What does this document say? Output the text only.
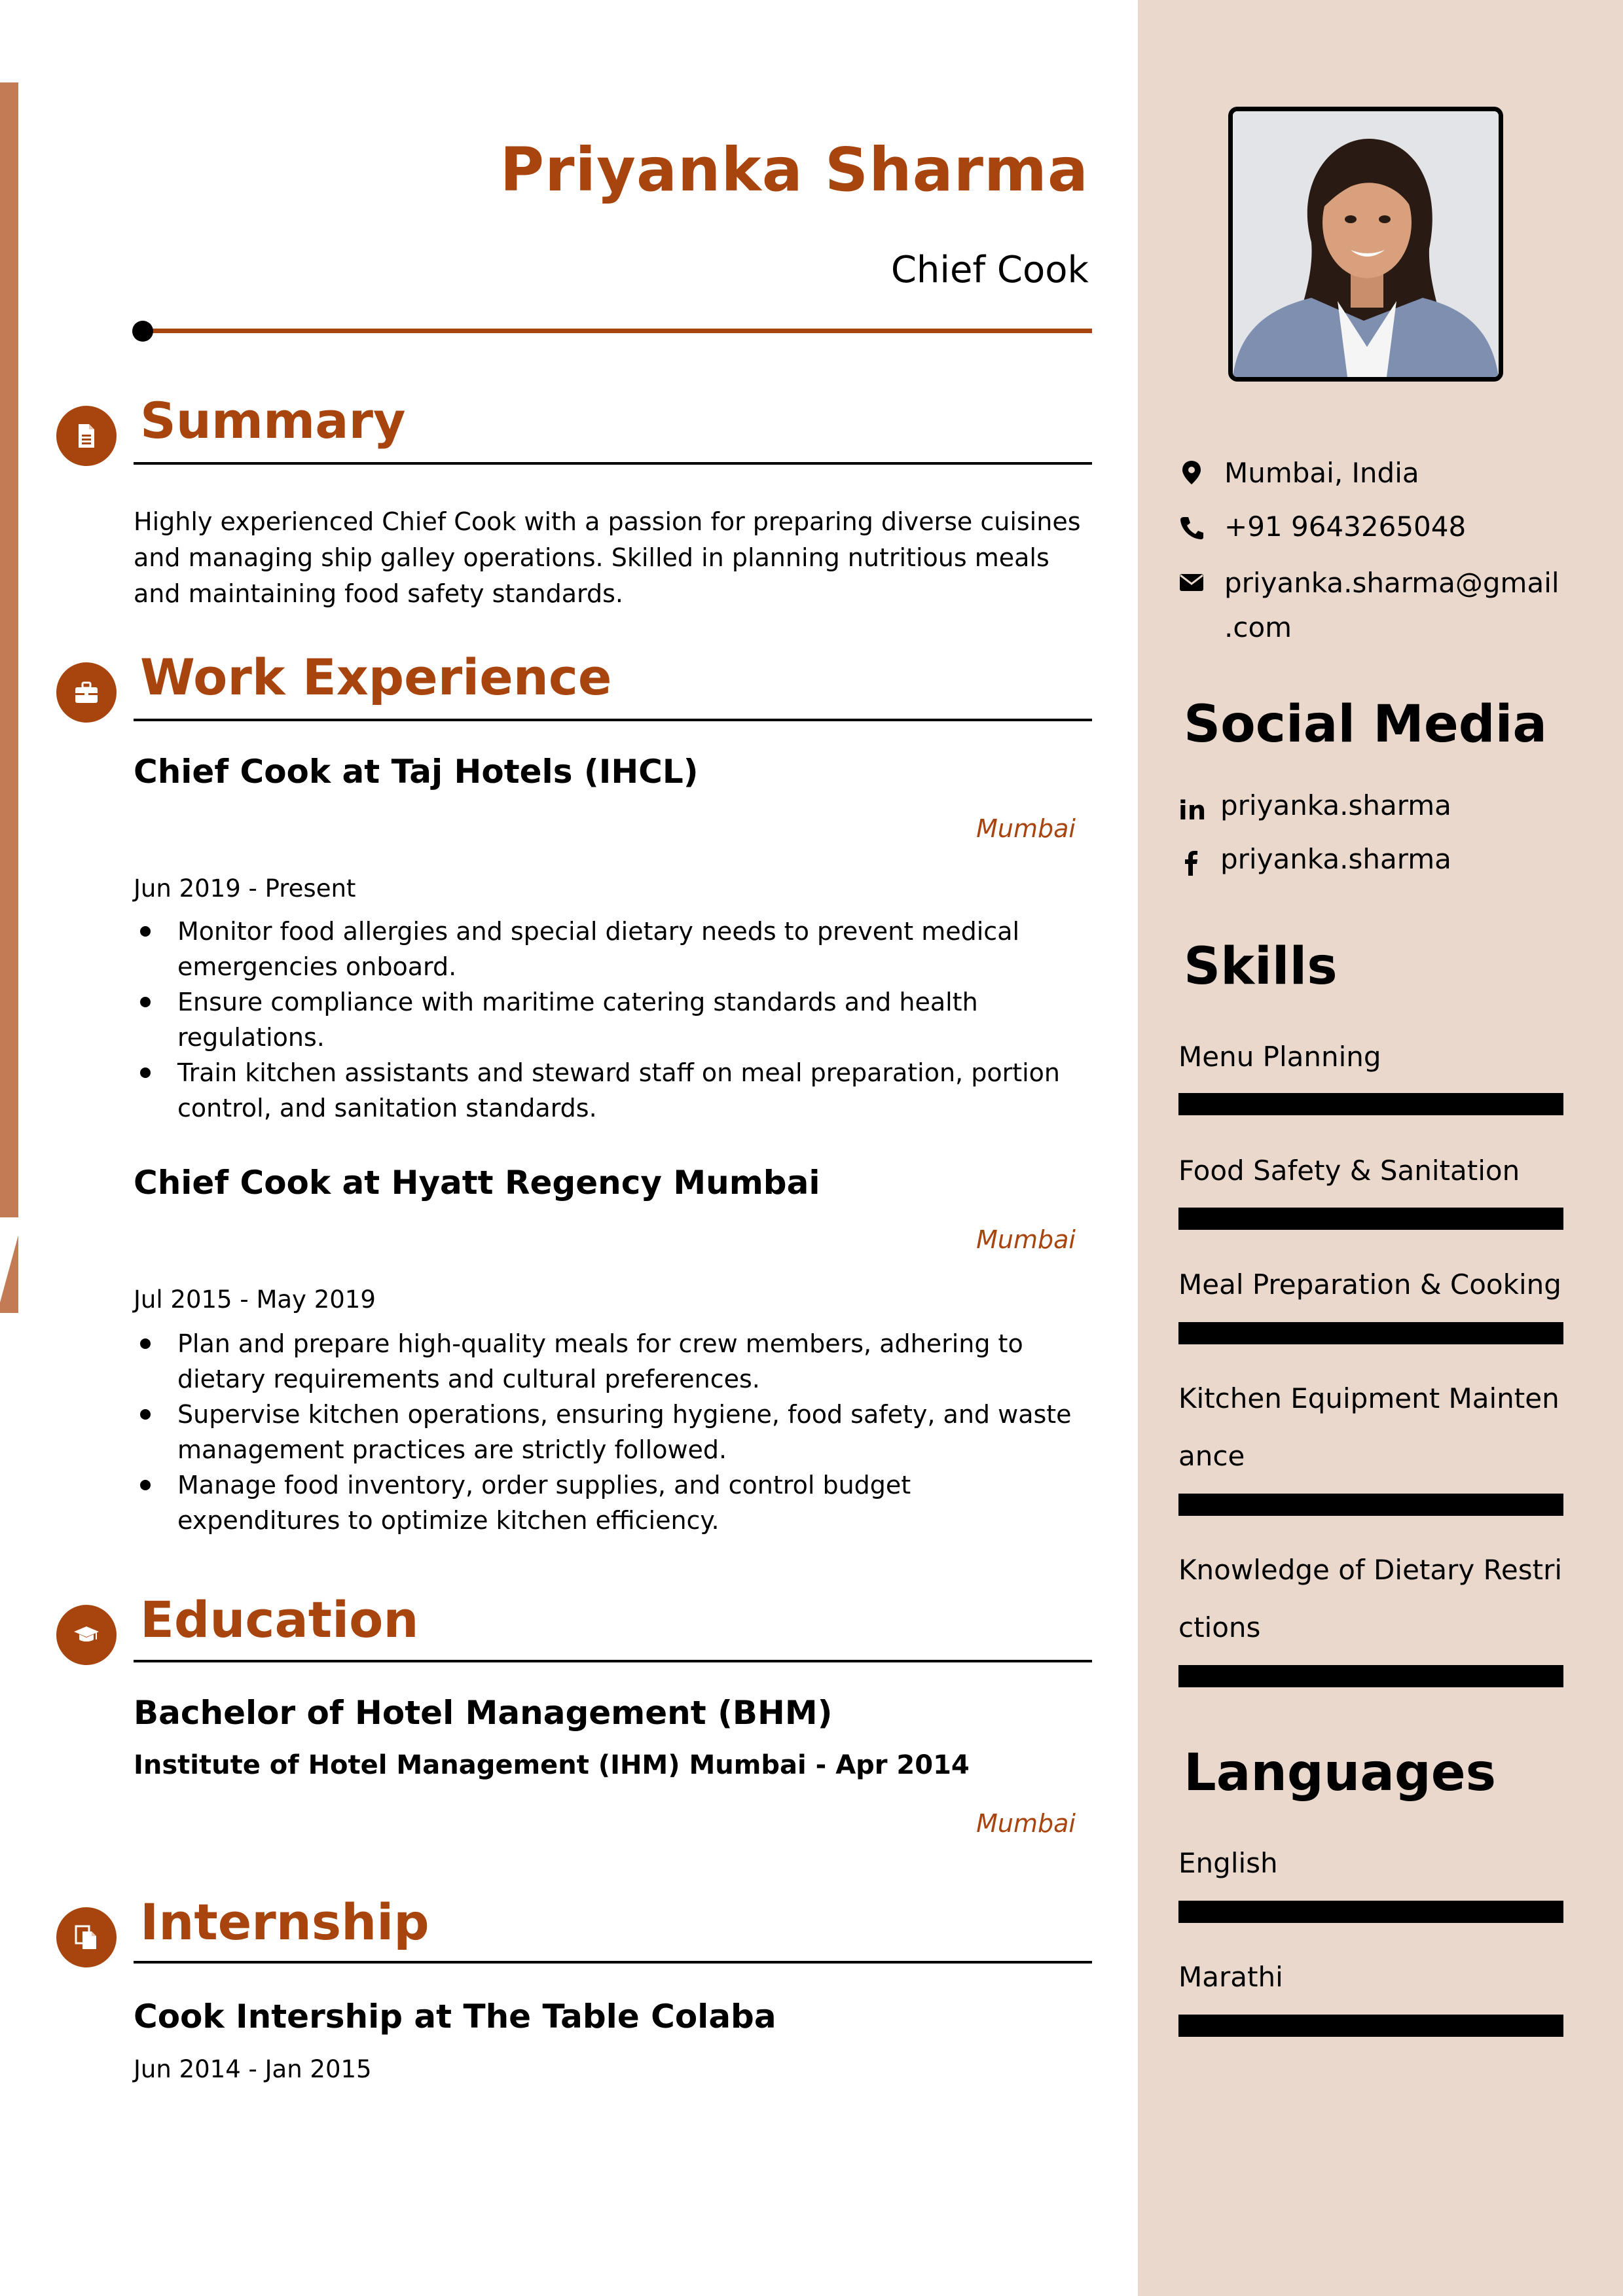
Priyanka Sharma
Chief Cook
Summary
Highly experienced Chief Cook with a passion for preparing diverse cuisines and managing ship galley operations. Skilled in planning nutritious meals and maintaining food safety standards.
Work Experience
Chief Cook at Taj Hotels (IHCL)
Mumbai
Jun 2019 - Present
Monitor food allergies and special dietary needs to prevent medical emergencies onboard.
Ensure compliance with maritime catering standards and health regulations.
Train kitchen assistants and steward staff on meal preparation, portion control, and sanitation standards.
Chief Cook at Hyatt Regency Mumbai
Mumbai
Jul 2015 - May 2019
Plan and prepare high-quality meals for crew members, adhering to dietary requirements and cultural preferences.
Supervise kitchen operations, ensuring hygiene, food safety, and waste management practices are strictly followed.
Manage food inventory, order supplies, and control budget expenditures to optimize kitchen efficiency.
Education
Bachelor of Hotel Management (BHM)
Institute of Hotel Management (IHM) Mumbai - Apr 2014
Mumbai
Internship
Cook Intership at The Table Colaba
Jun 2014 - Jan 2015
Mumbai, India
+91 9643265048
priyanka.sharma@gmail
.com
Social Media
in priyanka.sharma
priyanka.sharma
Skills
Menu Planning
Food Safety & Sanitation
Meal Preparation & Cooking
Kitchen Equipment Mainten
ance
Knowledge of Dietary Restri
ctions
Languages
English
Marathi
